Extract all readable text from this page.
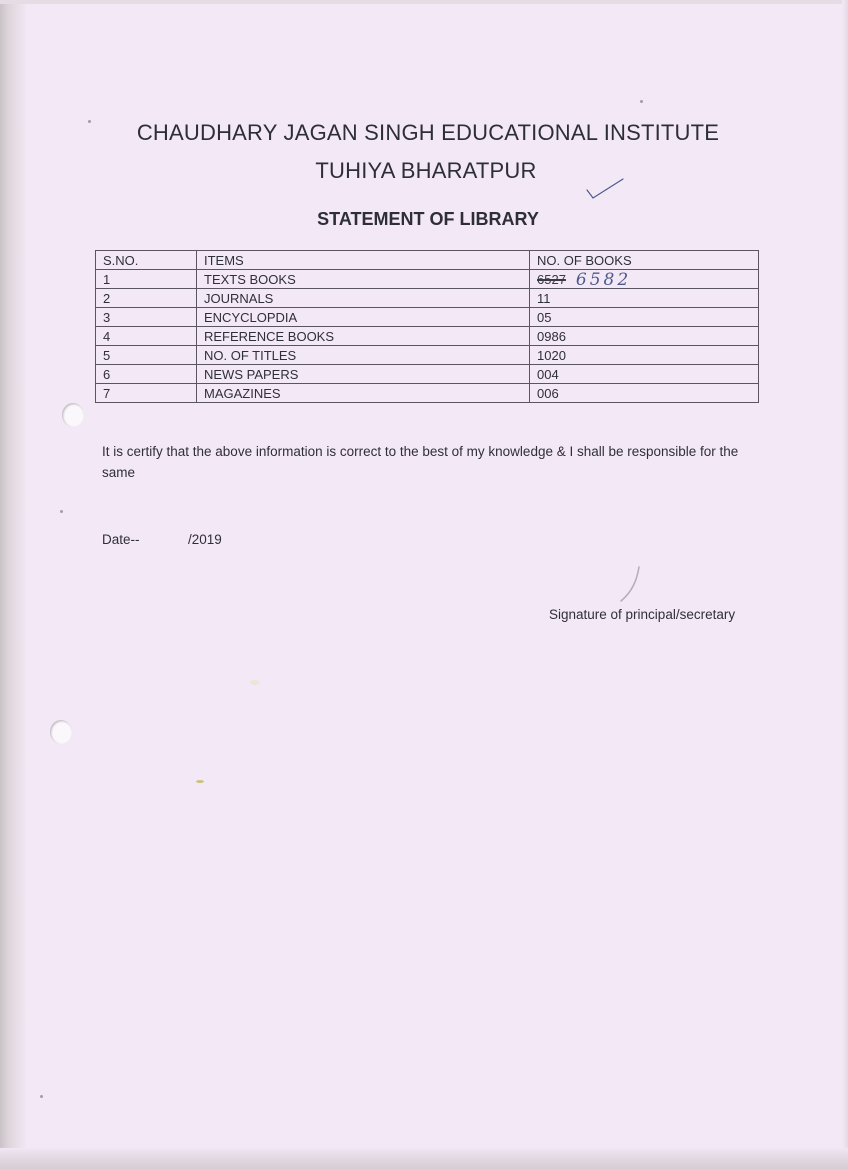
CHAUDHARY JAGAN SINGH EDUCATIONAL INSTITUTE
TUHIYA BHARATPUR
STATEMENT OF LIBRARY
S.NO.	ITEMS	NO. OF BOOKS
1	TEXTS BOOKS	6527 6582
2	JOURNALS	11
3	ENCYCLOPDIA	05
4	REFERENCE BOOKS	0986
5	NO. OF TITLES	1020
6	NEWS PAPERS	004
7	MAGAZINES	006

It is certify that the above information is correct to the best of my knowledge & I shall be responsible for the same

Date--	/2019
Signature of principal/secretary
